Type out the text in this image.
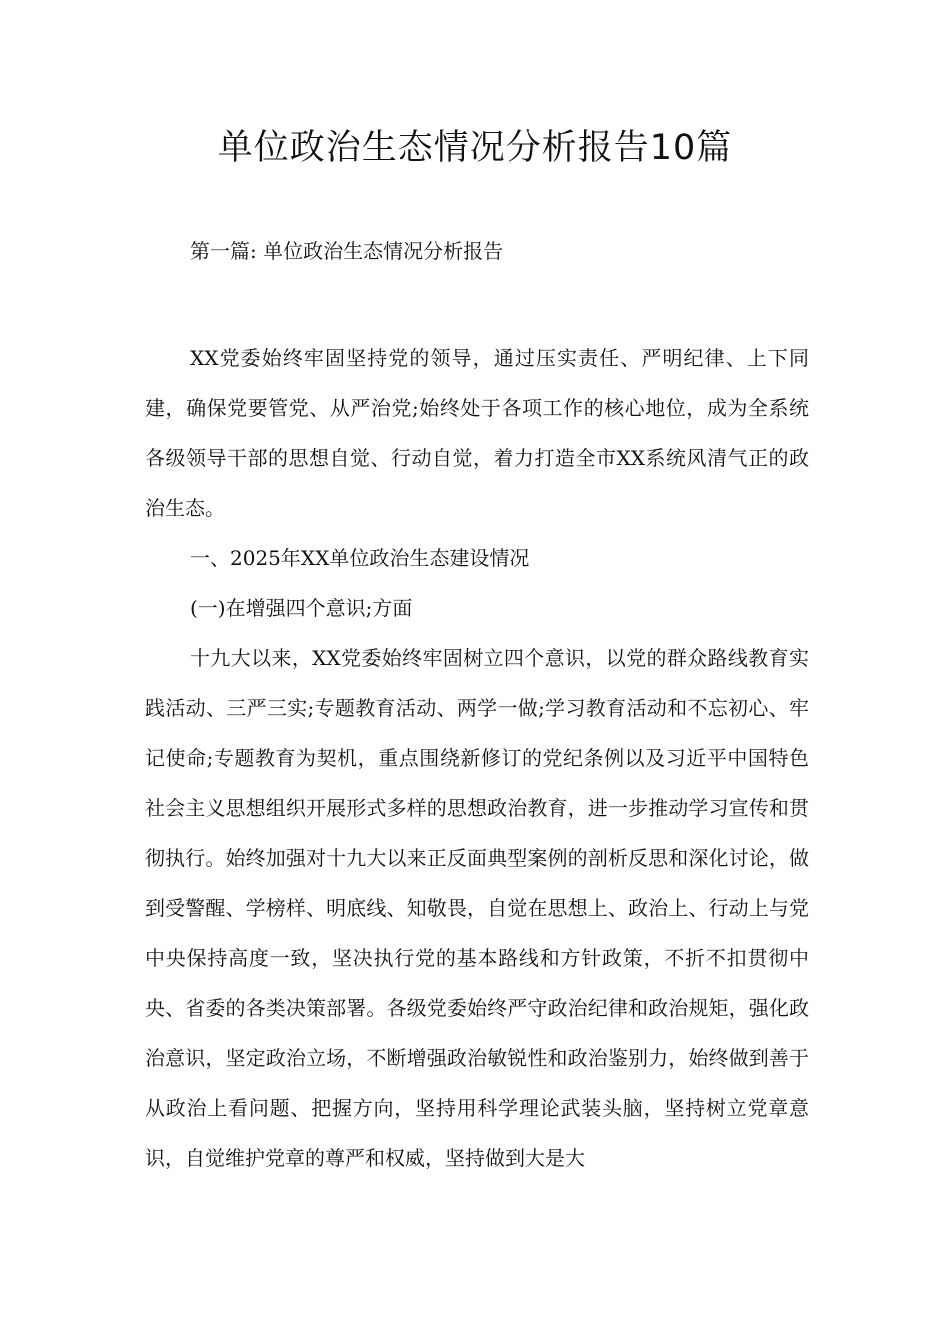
单位政治生态情况分析报告10篇

第一篇: 单位政治生态情况分析报告

XX党委始终牢固坚持党的领导，通过压实责任、严明纪律、上下同建，确保党要管党、从严治党;始终处于各项工作的核心地位，成为全系统各级领导干部的思想自觉、行动自觉，着力打造全市XX系统风清气正的政治生态。

一、2025年XX单位政治生态建设情况

(一)在增强四个意识;方面

十九大以来，XX党委始终牢固树立四个意识，以党的群众路线教育实践活动、三严三实;专题教育活动、两学一做;学习教育活动和不忘初心、牢记使命;专题教育为契机，重点围绕新修订的党纪条例以及习近平中国特色社会主义思想组织开展形式多样的思想政治教育，进一步推动学习宣传和贯彻执行。始终加强对十九大以来正反面典型案例的剖析反思和深化讨论，做到受警醒、学榜样、明底线、知敬畏，自觉在思想上、政治上、行动上与党中央保持高度一致，坚决执行党的基本路线和方针政策，不折不扣贯彻中央、省委的各类决策部署。各级党委始终严守政治纪律和政治规矩，强化政治意识，坚定政治立场，不断增强政治敏锐性和政治鉴别力，始终做到善于从政治上看问题、把握方向，坚持用科学理论武装头脑，坚持树立党章意识，自觉维护党章的尊严和权威，坚持做到大是大
